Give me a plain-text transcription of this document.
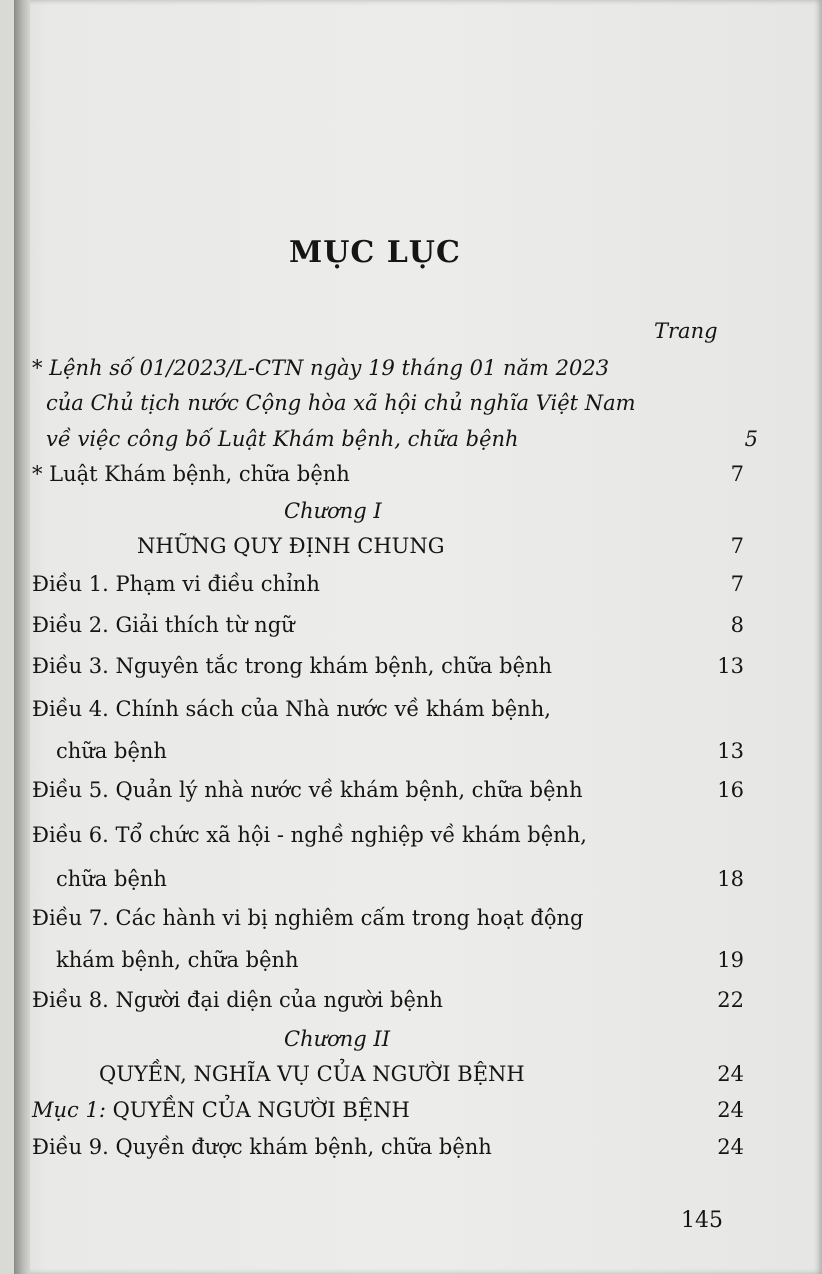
MỤC LỤC
Trang
* Lệnh số 01/2023/L-CTN ngày 19 tháng 01 năm 2023
của Chủ tịch nước Cộng hòa xã hội chủ nghĩa Việt Nam
về việc công bố Luật Khám bệnh, chữa bệnh	5
* Luật Khám bệnh, chữa bệnh	7
Chương I
NHỮNG QUY ĐỊNH CHUNG	7
Điều 1. Phạm vi điều chỉnh	7
Điều 2. Giải thích từ ngữ	8
Điều 3. Nguyên tắc trong khám bệnh, chữa bệnh	13
Điều 4. Chính sách của Nhà nước về khám bệnh,
chữa bệnh	13
Điều 5. Quản lý nhà nước về khám bệnh, chữa bệnh	16
Điều 6. Tổ chức xã hội - nghề nghiệp về khám bệnh,
chữa bệnh	18
Điều 7. Các hành vi bị nghiêm cấm trong hoạt động
khám bệnh, chữa bệnh	19
Điều 8. Người đại diện của người bệnh	22
Chương II
QUYỀN, NGHĨA VỤ CỦA NGƯỜI BỆNH	24
Mục 1: QUYỀN CỦA NGƯỜI BỆNH	24
Điều 9. Quyền được khám bệnh, chữa bệnh	24
145
